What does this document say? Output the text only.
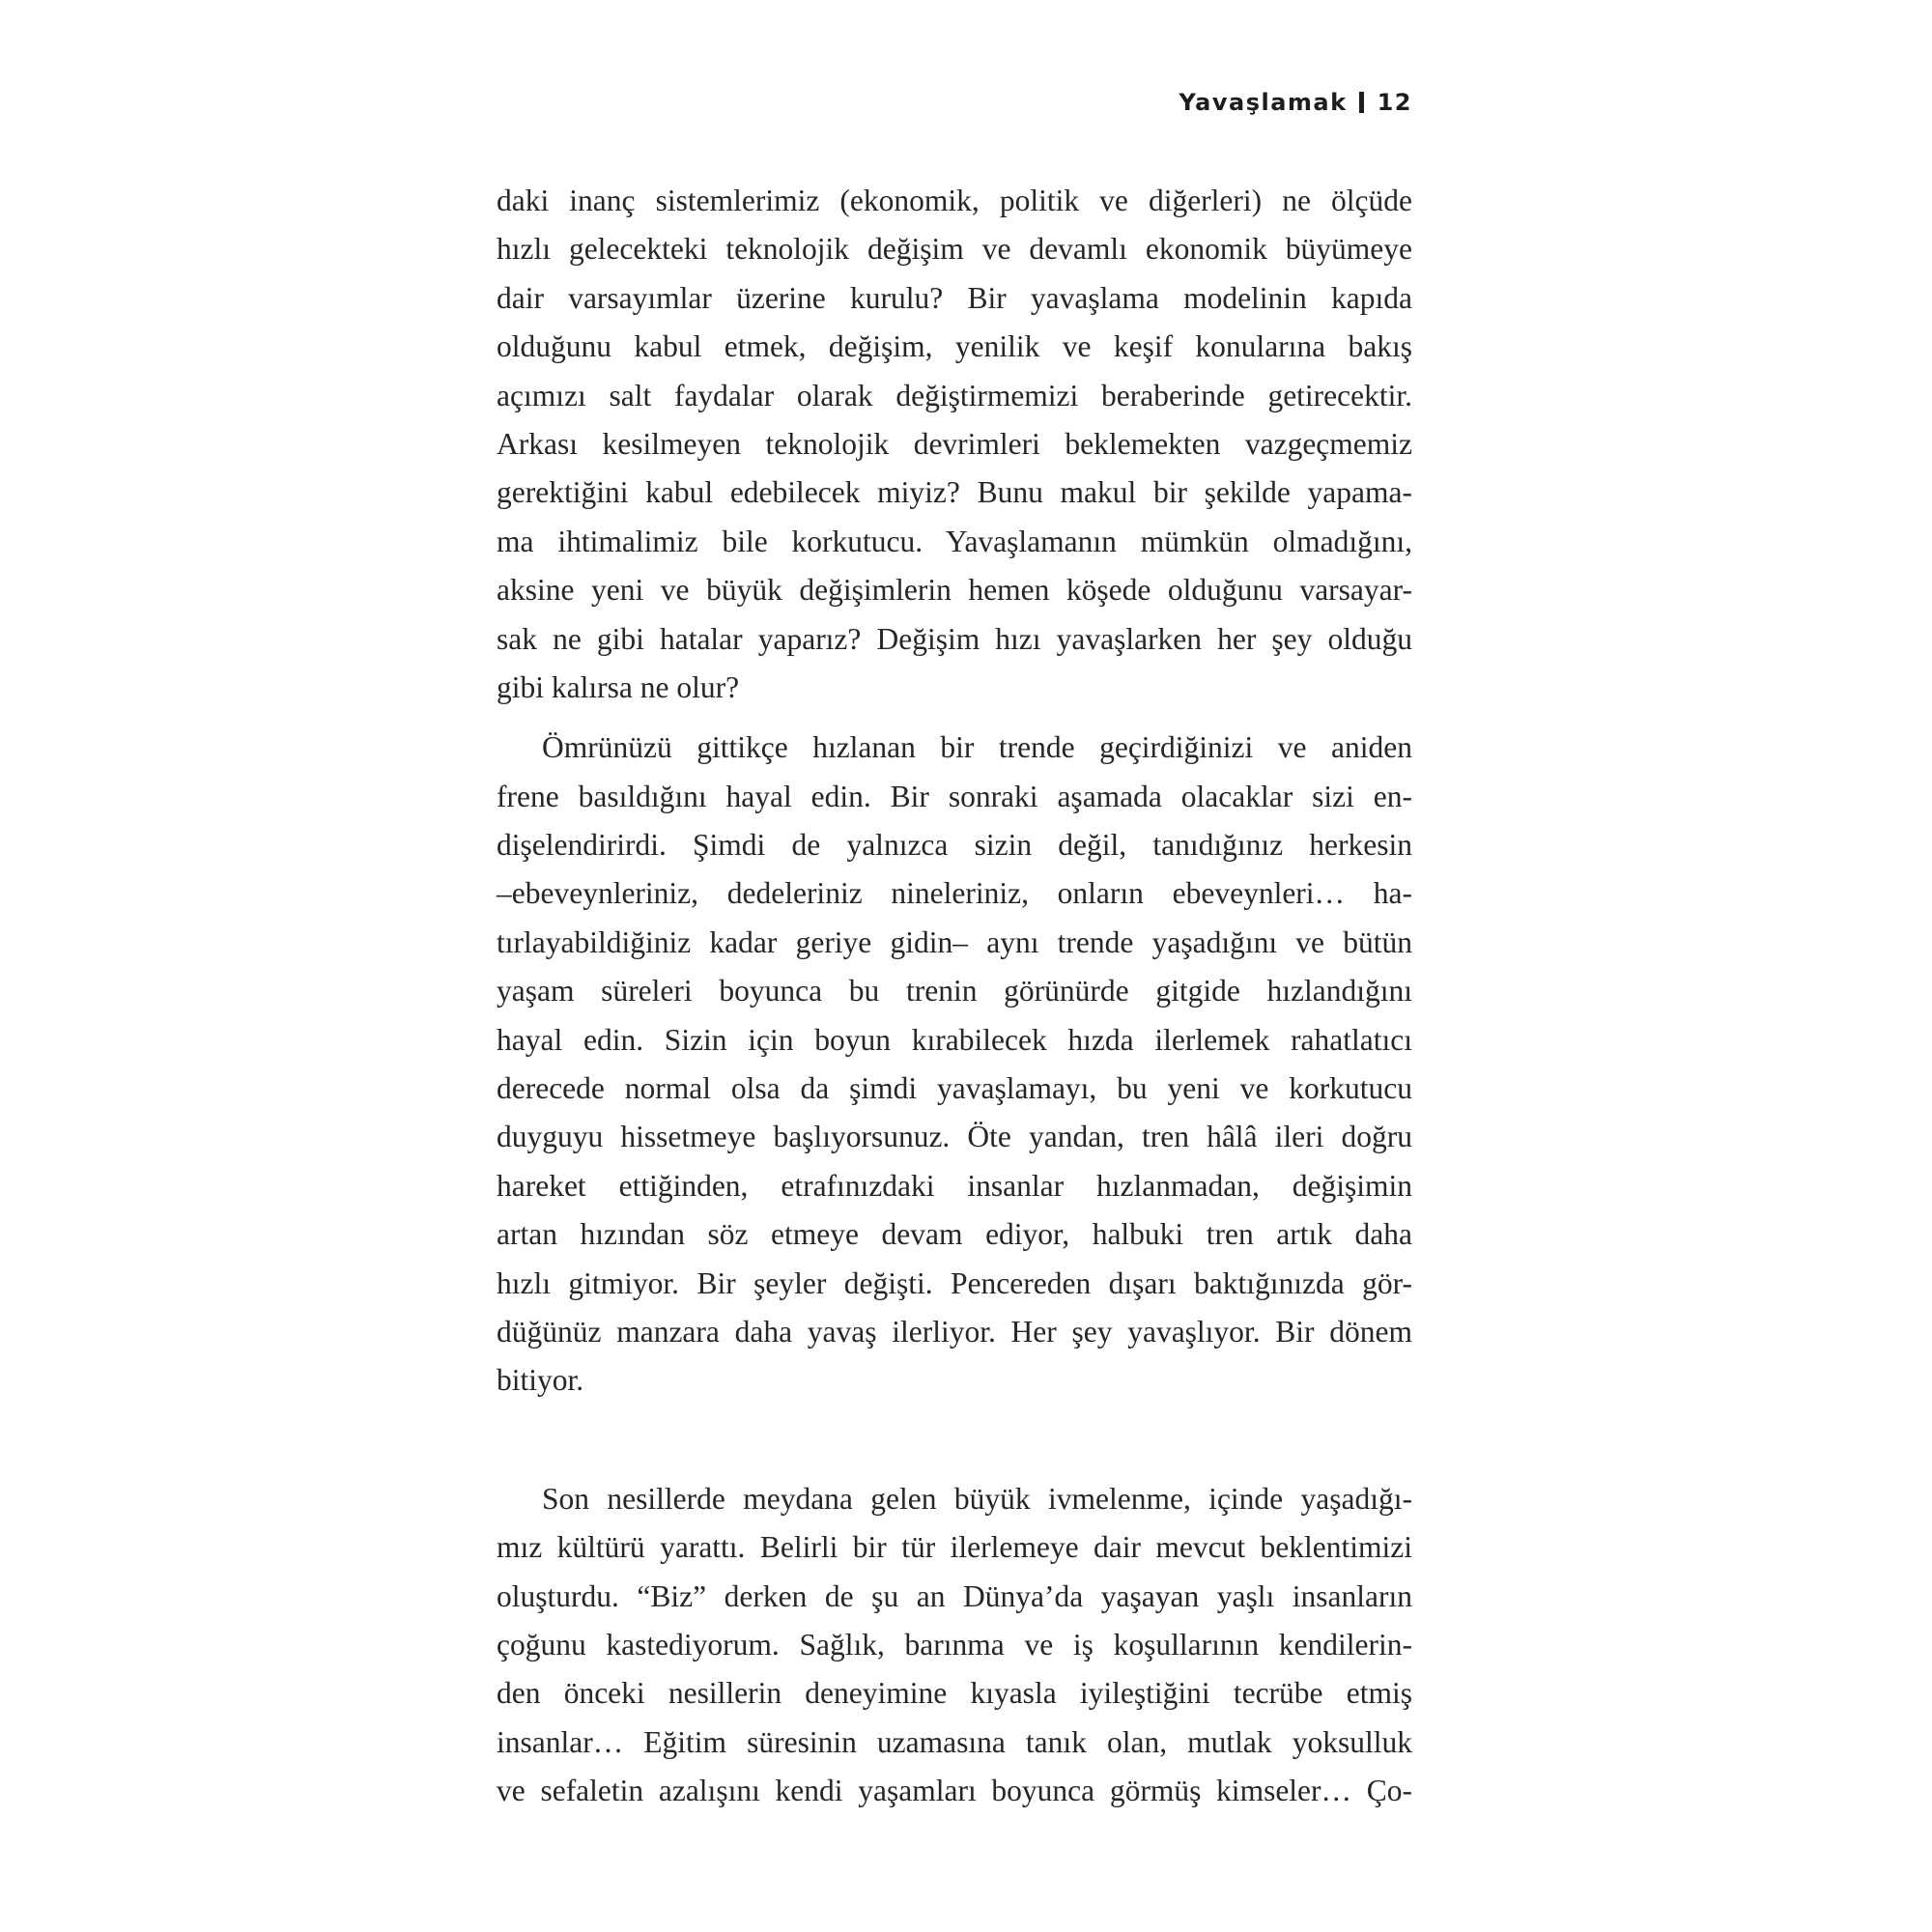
Yavaşlamak 12

daki inanç sistemlerimiz (ekonomik, politik ve diğerleri) ne ölçüde
hızlı gelecekteki teknolojik değişim ve devamlı ekonomik büyümeye
dair varsayımlar üzerine kurulu? Bir yavaşlama modelinin kapıda
olduğunu kabul etmek, değişim, yenilik ve keşif konularına bakış
açımızı salt faydalar olarak değiştirmemizi beraberinde getirecektir.
Arkası kesilmeyen teknolojik devrimleri beklemekten vazgeçmemiz
gerektiğini kabul edebilecek miyiz? Bunu makul bir şekilde yapama-
ma ihtimalimiz bile korkutucu. Yavaşlamanın mümkün olmadığını,
aksine yeni ve büyük değişimlerin hemen köşede olduğunu varsayar-
sak ne gibi hatalar yaparız? Değişim hızı yavaşlarken her şey olduğu
gibi kalırsa ne olur?

Ömrünüzü gittikçe hızlanan bir trende geçirdiğinizi ve aniden
frene basıldığını hayal edin. Bir sonraki aşamada olacaklar sizi en-
dişelendirirdi. Şimdi de yalnızca sizin değil, tanıdığınız herkesin
–ebeveynleriniz, dedeleriniz nineleriniz, onların ebeveynleri… ha-
tırlayabildiğiniz kadar geriye gidin– aynı trende yaşadığını ve bütün
yaşam süreleri boyunca bu trenin görünürde gitgide hızlandığını
hayal edin. Sizin için boyun kırabilecek hızda ilerlemek rahatlatıcı
derecede normal olsa da şimdi yavaşlamayı, bu yeni ve korkutucu
duyguyu hissetmeye başlıyorsunuz. Öte yandan, tren hâlâ ileri doğru
hareket ettiğinden, etrafınızdaki insanlar hızlanmadan, değişimin
artan hızından söz etmeye devam ediyor, halbuki tren artık daha
hızlı gitmiyor. Bir şeyler değişti. Pencereden dışarı baktığınızda gör-
düğünüz manzara daha yavaş ilerliyor. Her şey yavaşlıyor. Bir dönem
bitiyor.

Son nesillerde meydana gelen büyük ivmelenme, içinde yaşadığı-
mız kültürü yarattı. Belirli bir tür ilerlemeye dair mevcut beklentimizi
oluşturdu. “Biz” derken de şu an Dünya’da yaşayan yaşlı insanların
çoğunu kastediyorum. Sağlık, barınma ve iş koşullarının kendilerin-
den önceki nesillerin deneyimine kıyasla iyileştiğini tecrübe etmiş
insanlar… Eğitim süresinin uzamasına tanık olan, mutlak yoksulluk
ve sefaletin azalışını kendi yaşamları boyunca görmüş kimseler… Ço-
